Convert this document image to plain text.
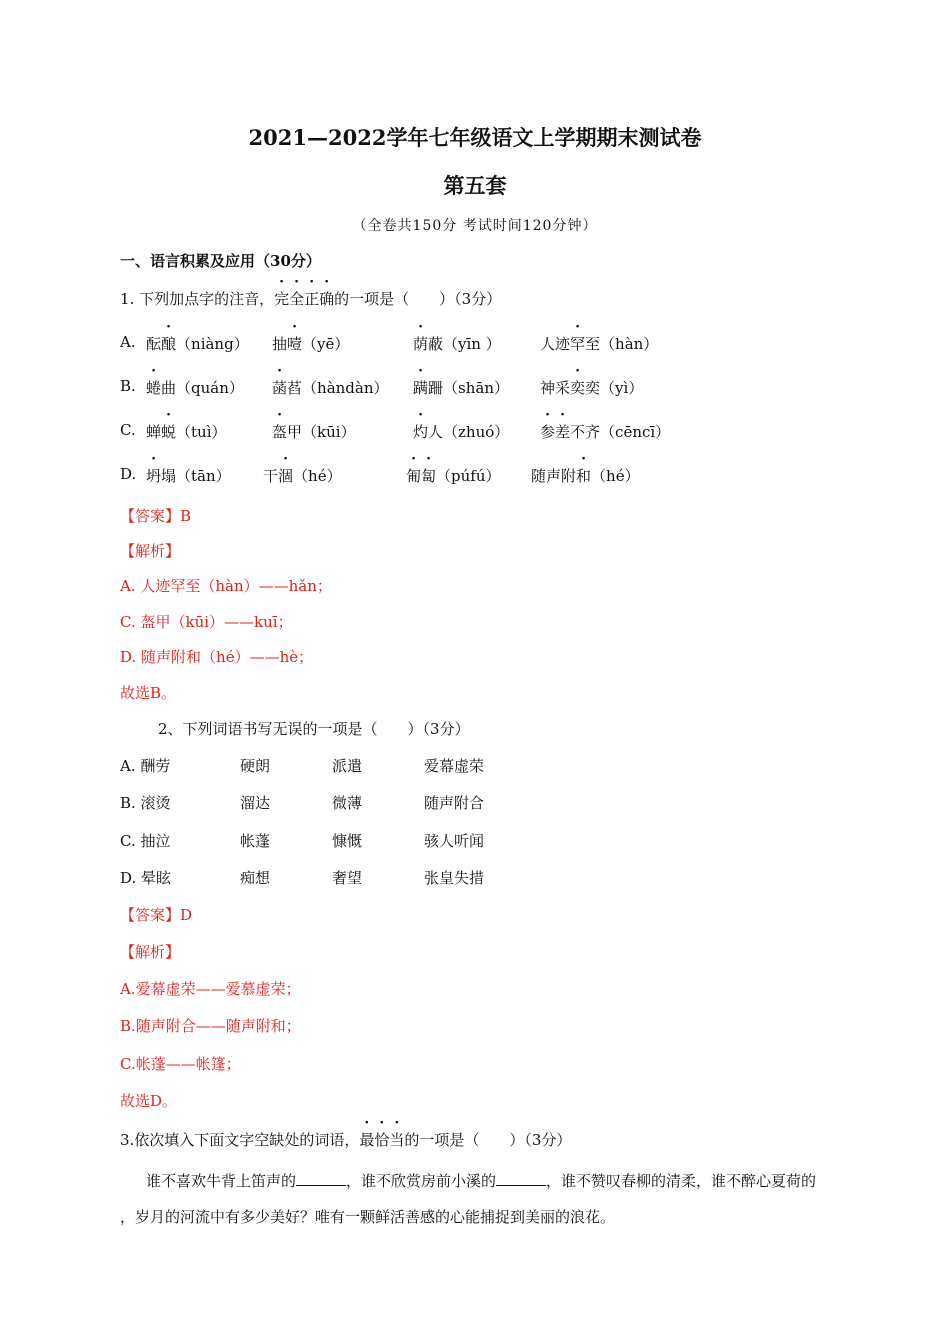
2021—2022学年七年级语文上学期期末测试卷
第五套
（全卷共150分 考试时间120分钟）
一、语言积累及应用（30分）
1. 下列加点字的注音，完全正确的一项是（　　）（3分）
A. 酝酿（niàng） 抽噎（yē）	荫蔽（yīn ）	人迹罕至（hàn）
B. 蜷曲（quán） 菡萏（hàndàn） 蹒跚（shān） 神采奕奕（yì）
C. 蝉蜕（tuì）	盔甲（kūi）	灼人（zhuó） 参差不齐（cēncī）
D. 坍塌（tān） 干涸（hé）	匍匐（púfú） 随声附和（hé）
【答案】B
【解析】
A. 人迹罕至（hàn）——hǎn；
C. 盔甲（kūi）——kuī；
D. 随声附和（hé）——hè；
故选B。
2、下列词语书写无误的一项是（　　）（3分）
A. 酬劳	硬朗	派遣	爱幕虚荣
B. 滚烫	溜达	微薄	随声附合
C. 抽泣	帐蓬	慷慨	骇人听闻
D. 晕眩	痴想	奢望	张皇失措
【答案】D
【解析】
A.爱幕虚荣——爱慕虚荣；
B.随声附合——随声附和；
C.帐蓬——帐篷；
故选D。
3.依次填入下面文字空缺处的词语，最恰当的一项是（　　）（3分）
谁不喜欢牛背上笛声的	，谁不欣赏房前小溪的	，谁不赞叹春柳的清柔，谁不醉心夏荷的
，岁月的河流中有多少美好？唯有一颗鲜活善感的心能捕捉到美丽的浪花。
